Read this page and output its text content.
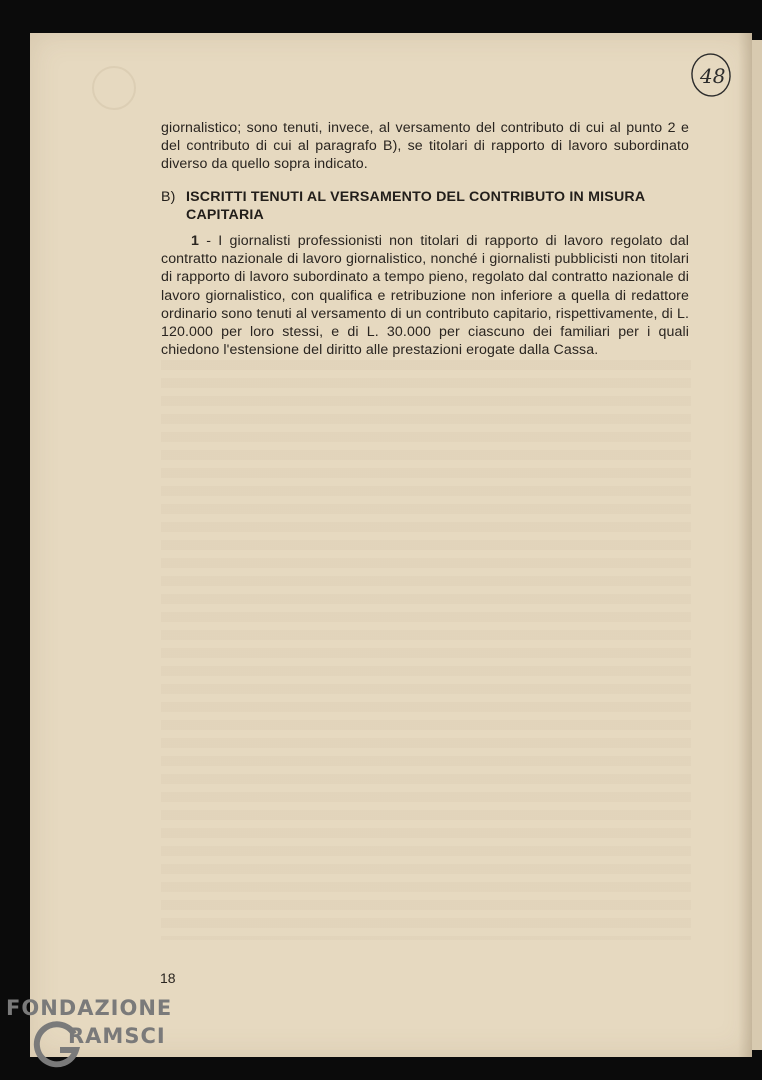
48
giornalistico; sono tenuti, invece, al versamento del contributo di cui al punto 2 e del contributo di cui al paragrafo B), se titolari di rapporto di lavoro subordinato diverso da quello sopra indicato.
B) ISCRITTI TENUTI AL VERSAMENTO DEL CONTRIBUTO IN MISURA
CAPITARIA
1 - I giornalisti professionisti non titolari di rapporto di lavoro regolato dal contratto nazionale di lavoro giornalistico, nonché i giornalisti pubblicisti non titolari di rapporto di lavoro subordinato a tempo pieno, regolato dal contratto nazionale di lavoro giornalistico, con qualifica e retribuzione non inferiore a quella di redattore ordinario sono tenuti al versamento di un contributo capitario, rispettivamente, di L. 120.000 per loro stessi, e di L. 30.000 per ciascuno dei familiari per i quali chiedono l'estensione del diritto alle prestazioni erogate dalla Cassa.
18
FONDAZIONE
RAMSCI
